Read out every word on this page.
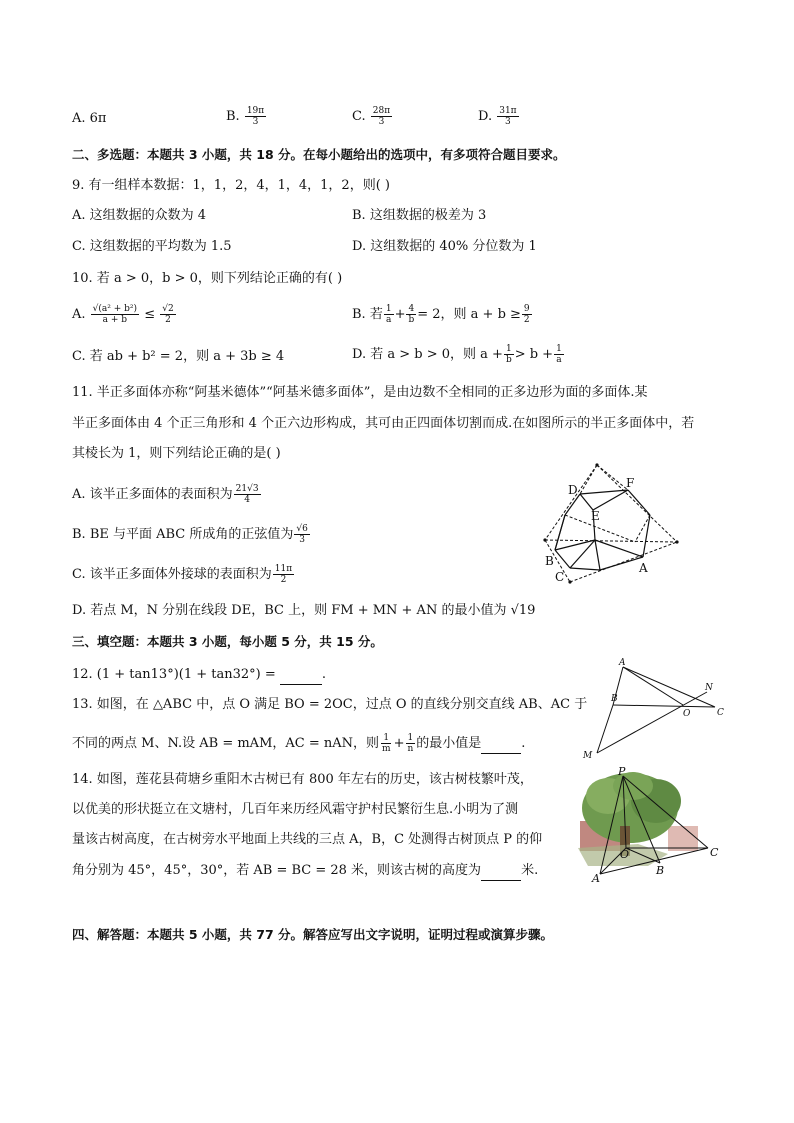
A. 6π	B. $\frac{19\pi}{3}$	C. $\frac{28\pi}{3}$	D. $\frac{31\pi}{3}$
二、多选题：本题共 3 小题，共 18 分。在每小题给出的选项中，有多项符合题目要求。
9. 有一组样本数据：1，1，2，4，1，4，1，2，则( )
A. 这组数据的众数为 4	B. 这组数据的极差为 3
C. 这组数据的平均数为 1.5	D. 这组数据的 40% 分位数为 1
10. 若 a > 0，b > 0，则下列结论正确的有( )
A. $\frac{\text{√(a² + b²)}}{a + b} \le \frac{√2}{2}$	B. 若 $\frac{1}{a} + \frac{4}{b} = 2$，则 $a + b \ge \frac{9}{2}$
C. 若 ab + b² = 2，则 a + 3b ≥ 4	D. 若 a > b > 0，则 $a + \frac{1}{b} > b + \frac{1}{a}$
11. 半正多面体亦称“阿基米德体”“阿基米德多面体”，是由边数不全相同的正多边形为面的多面体.某
半正多面体由 4 个正三角形和 4 个正六边形构成，其可由正四面体切割而成.在如图所示的半正多面体中，若
其棱长为 1，则下列结论正确的是( )
A. 该半正多面体的表面积为 $\frac{21√3}{4}$
B. BE 与平面 ABC 所成角的正弦值为 $\frac{√6}{3}$
C. 该半正多面体外接球的表面积为 $\frac{11\pi}{2}$
D. 若点 M，N 分别在线段 DE，BC 上，则 FM + MN + AN 的最小值为 √19
D	F
E
B
C
A
三、填空题：本题共 3 小题，每小题 5 分，共 15 分。
12. (1 + tan13°)(1 + tan32°) =	.
13. 如图，在 △ABC 中，点 O 满足 BO = 2OC，过点 O 的直线分别交直线 AB、AC 于
不同的两点 M、N.设 AB = mAM，AC = nAN，则 $\frac{1}{m} + \frac{1}{n}$ 的最小值是	.
A
B
O
N
C
M
14. 如图，莲花县荷塘乡重阳木古树已有 800 年左右的历史，该古树枝繁叶茂，
以优美的形状挺立在文塘村，几百年来历经风霜守护村民繁衍生息.小明为了测
量该古树高度，在古树旁水平地面上共线的三点 A，B，C 处测得古树顶点 P 的仰
角分别为 45°，45°，30°，若 AB = BC = 28 米，则该古树的高度为	米.
P
O
B
C
A
四、解答题：本题共 5 小题，共 77 分。解答应写出文字说明，证明过程或演算步骤。
